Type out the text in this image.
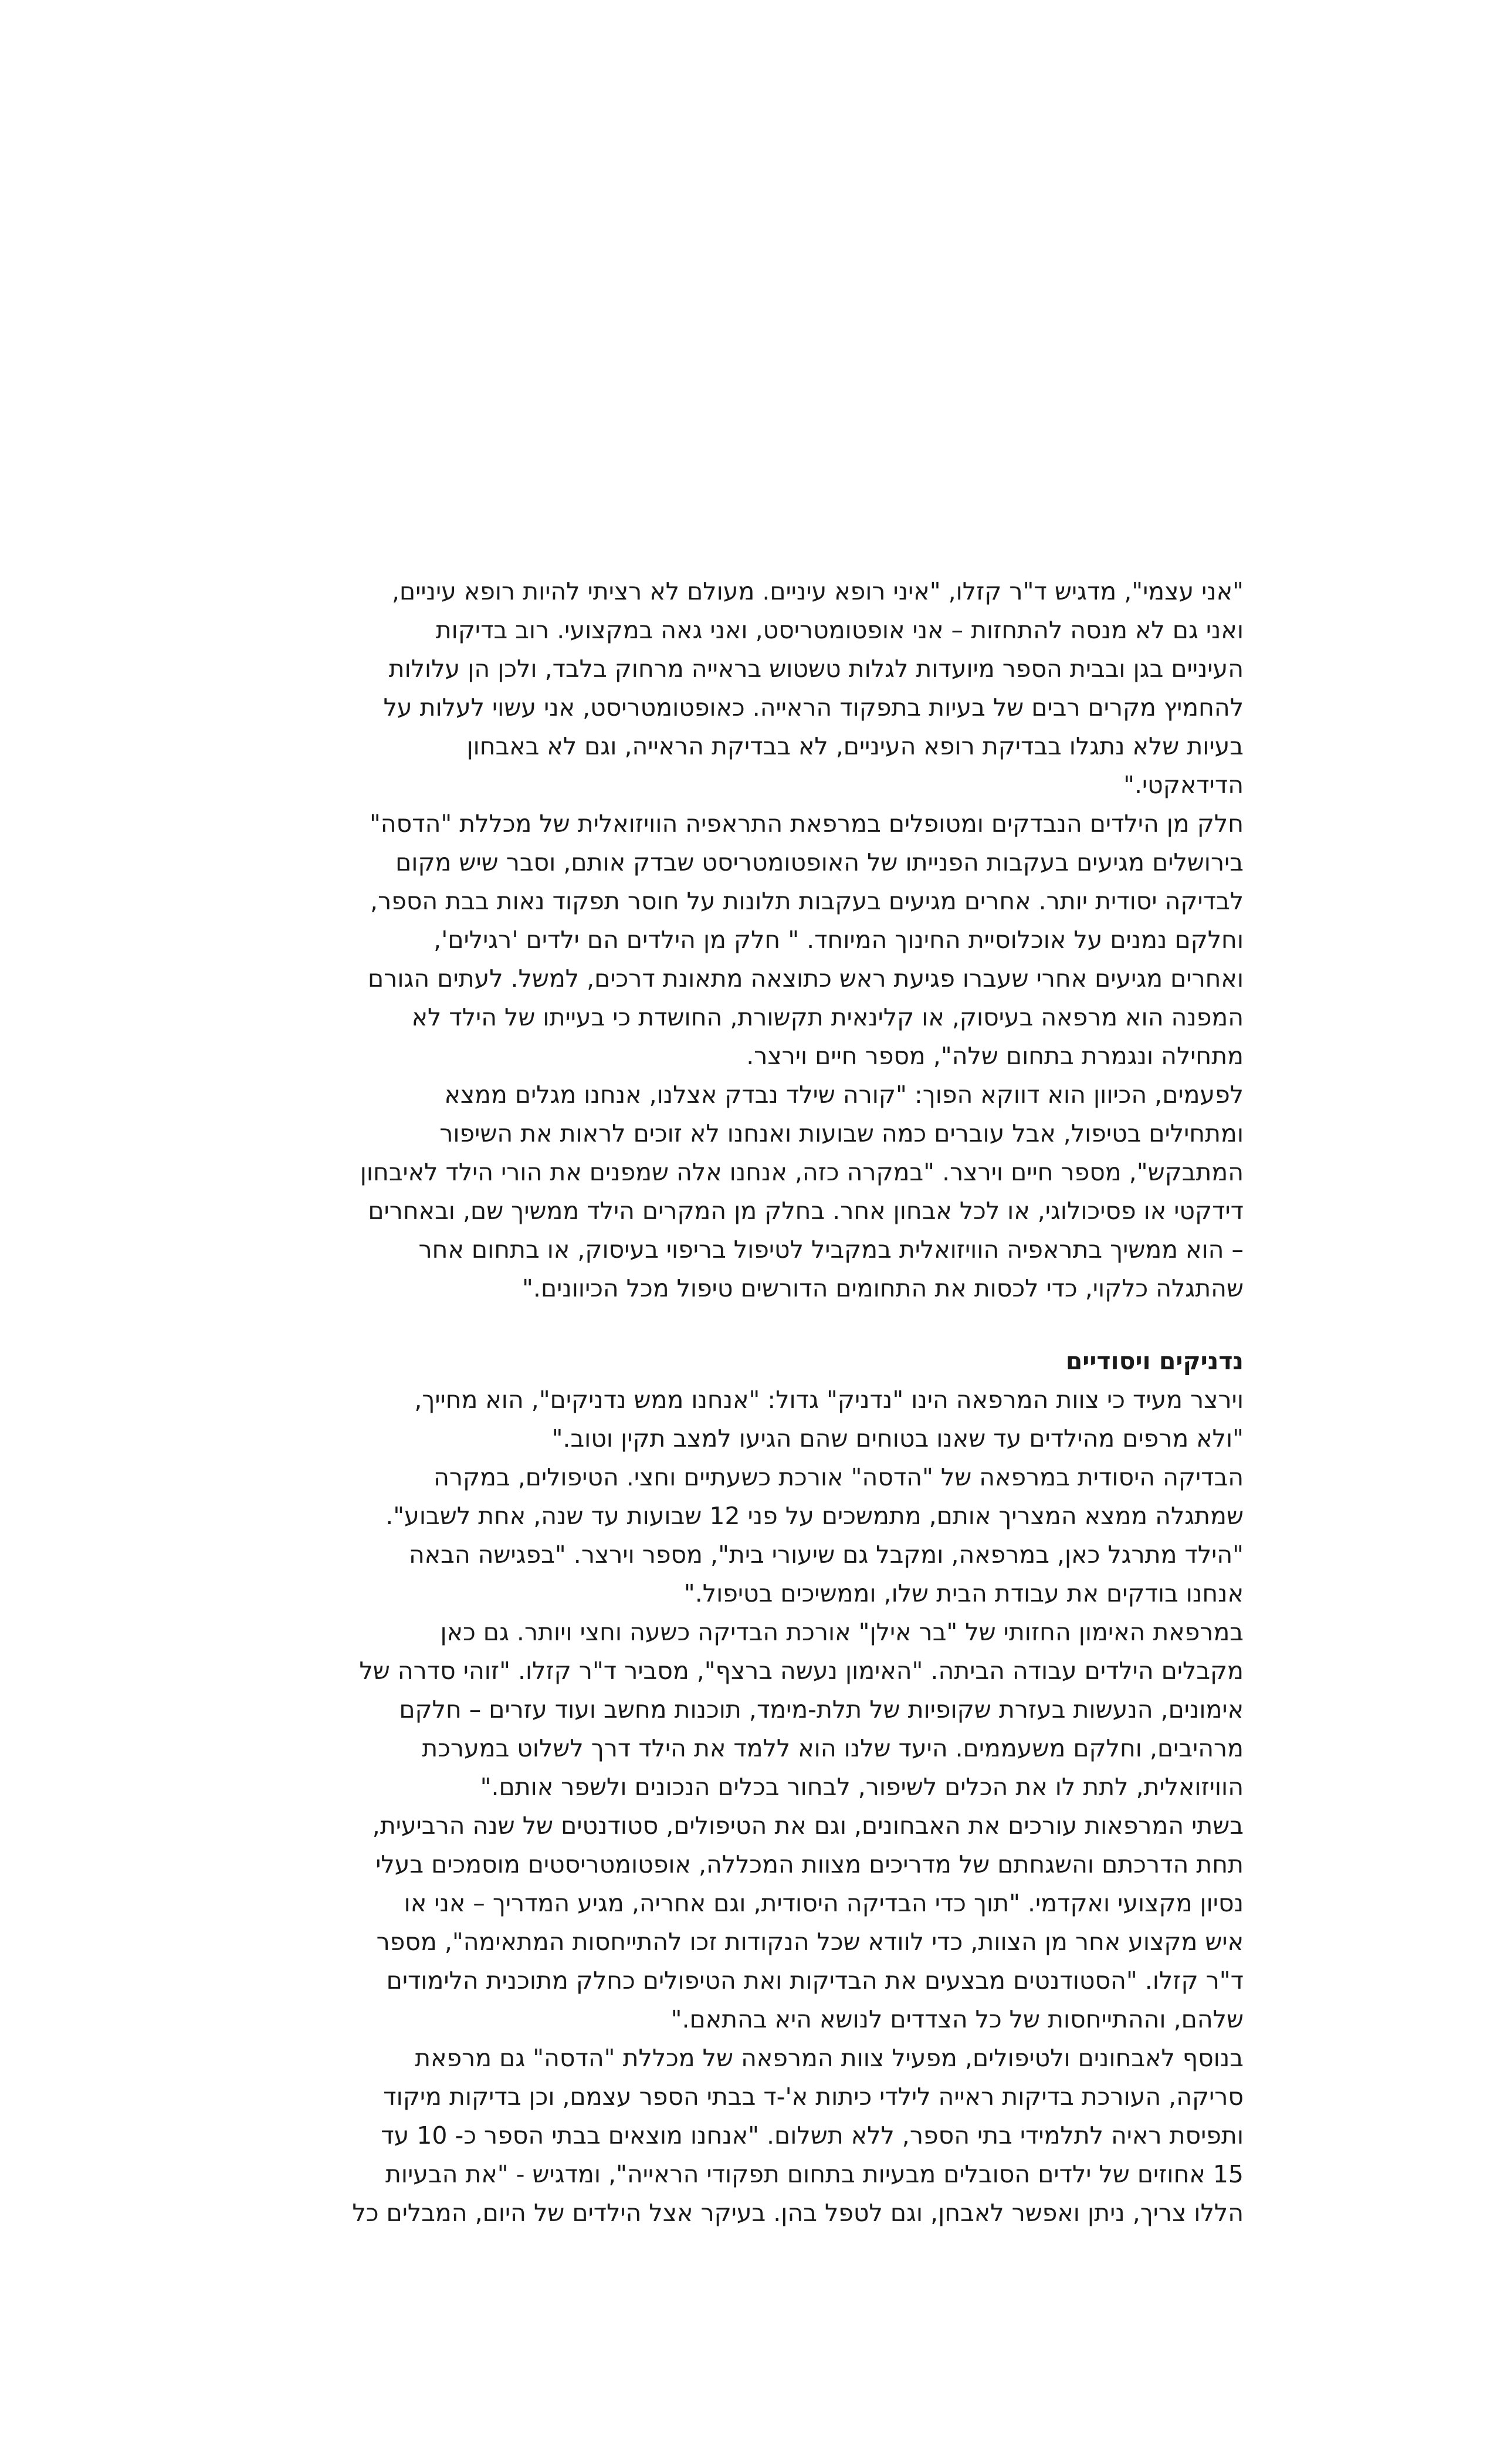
"אני עצמי", מדגיש ד"ר קזלו, "איני רופא עיניים. מעולם לא רציתי להיות רופא עיניים,
ואני גם לא מנסה להתחזות – אני אופטומטריסט, ואני גאה במקצועי. רוב בדיקות
העיניים בגן ובבית הספר מיועדות לגלות טשטוש בראייה מרחוק בלבד, ולכן הן עלולות
להחמיץ מקרים רבים של בעיות בתפקוד הראייה. כאופטומטריסט, אני עשוי לעלות על
בעיות שלא נתגלו בבדיקת רופא העיניים, לא בבדיקת הראייה, וגם לא באבחון
הדידאקטי."
חלק מן הילדים הנבדקים ומטופלים במרפאת התראפיה הוויזואלית של מכללת "הדסה"
בירושלים מגיעים בעקבות הפנייתו של האופטומטריסט שבדק אותם, וסבר שיש מקום
לבדיקה יסודית יותר. אחרים מגיעים בעקבות תלונות על חוסר תפקוד נאות בבת הספר,
וחלקם נמנים על אוכלוסיית החינוך המיוחד. " חלק מן הילדים הם ילדים 'רגילים',
ואחרים מגיעים אחרי שעברו פגיעת ראש כתוצאה מתאונת דרכים, למשל. לעתים הגורם
המפנה הוא מרפאה בעיסוק, או קלינאית תקשורת, החושדת כי בעייתו של הילד לא
מתחילה ונגמרת בתחום שלה", מספר חיים וירצר.
לפעמים, הכיוון הוא דווקא הפוך: "קורה שילד נבדק אצלנו, אנחנו מגלים ממצא
ומתחילים בטיפול, אבל עוברים כמה שבועות ואנחנו לא זוכים לראות את השיפור
המתבקש", מספר חיים וירצר. "במקרה כזה, אנחנו אלה שמפנים את הורי הילד לאיבחון
דידקטי או פסיכולוגי, או לכל אבחון אחר. בחלק מן המקרים הילד ממשיך שם, ובאחרים
– הוא ממשיך בתראפיה הוויזואלית במקביל לטיפול בריפוי בעיסוק, או בתחום אחר
שהתגלה כלקוי, כדי לכסות את התחומים הדורשים טיפול מכל הכיוונים."
נדניקים ויסודיים
וירצר מעיד כי צוות המרפאה הינו "נדניק" גדול: "אנחנו ממש נדניקים", הוא מחייך,
"ולא מרפים מהילדים עד שאנו בטוחים שהם הגיעו למצב תקין וטוב."
הבדיקה היסודית במרפאה של "הדסה" אורכת כשעתיים וחצי. הטיפולים, במקרה
שמתגלה ממצא המצריך אותם, מתמשכים על פני 12 שבועות עד שנה, אחת לשבוע".
"הילד מתרגל כאן, במרפאה, ומקבל גם שיעורי בית", מספר וירצר. "בפגישה הבאה
אנחנו בודקים את עבודת הבית שלו, וממשיכים בטיפול."
במרפאת האימון החזותי של "בר אילן" אורכת הבדיקה כשעה וחצי ויותר. גם כאן
מקבלים הילדים עבודה הביתה. "האימון נעשה ברצף", מסביר ד"ר קזלו. "זוהי סדרה של
אימונים, הנעשות בעזרת שקופיות של תלת-מימד, תוכנות מחשב ועוד עזרים – חלקם
מרהיבים, וחלקם משעממים. היעד שלנו הוא ללמד את הילד דרך לשלוט במערכת
הוויזואלית, לתת לו את הכלים לשיפור, לבחור בכלים הנכונים ולשפר אותם."
בשתי המרפאות עורכים את האבחונים, וגם את הטיפולים, סטודנטים של שנה הרביעית,
תחת הדרכתם והשגחתם של מדריכים מצוות המכללה, אופטומטריסטים מוסמכים בעלי
נסיון מקצועי ואקדמי. "תוך כדי הבדיקה היסודית, וגם אחריה, מגיע המדריך – אני או
איש מקצוע אחר מן הצוות, כדי לוודא שכל הנקודות זכו להתייחסות המתאימה", מספר
ד"ר קזלו. "הסטודנטים מבצעים את הבדיקות ואת הטיפולים כחלק מתוכנית הלימודים
שלהם, וההתייחסות של כל הצדדים לנושא היא בהתאם."
בנוסף לאבחונים ולטיפולים, מפעיל צוות המרפאה של מכללת "הדסה" גם מרפאת
סריקה, העורכת בדיקות ראייה לילדי כיתות א'-ד בבתי הספר עצמם, וכן בדיקות מיקוד
ותפיסת ראיה לתלמידי בתי הספר, ללא תשלום. "אנחנו מוצאים בבתי הספר כ- 10 עד
15 אחוזים של ילדים הסובלים מבעיות בתחום תפקודי הראייה", ומדגיש - "את הבעיות
הללו צריך, ניתן ואפשר לאבחן, וגם לטפל בהן. בעיקר אצל הילדים של היום, המבלים כל
